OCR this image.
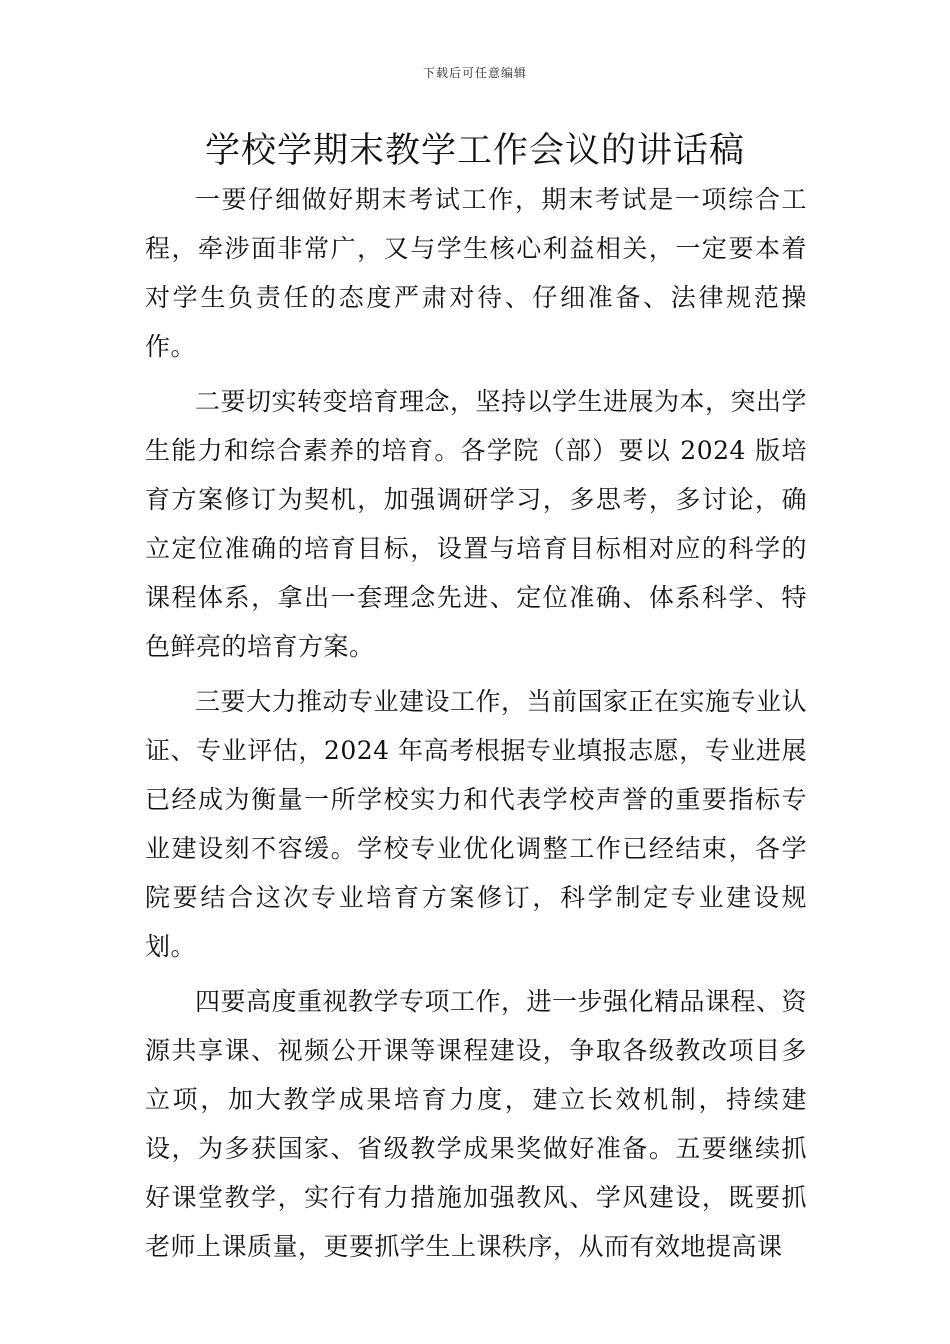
下载后可任意编辑
学校学期末教学工作会议的讲话稿

一要仔细做好期末考试工作，期末考试是一项综合工程，牵涉面非常广，又与学生核心利益相关，一定要本着对学生负责任的态度严肃对待、仔细准备、法律规范操作。

二要切实转变培育理念，坚持以学生进展为本，突出学生能力和综合素养的培育。各学院（部）要以 2024 版培育方案修订为契机，加强调研学习，多思考，多讨论，确立定位准确的培育目标，设置与培育目标相对应的科学的课程体系，拿出一套理念先进、定位准确、体系科学、特色鲜亮的培育方案。

三要大力推动专业建设工作，当前国家正在实施专业认证、专业评估，2024 年高考根据专业填报志愿，专业进展已经成为衡量一所学校实力和代表学校声誉的重要指标专业建设刻不容缓。学校专业优化调整工作已经结束，各学院要结合这次专业培育方案修订，科学制定专业建设规划。

四要高度重视教学专项工作，进一步强化精品课程、资源共享课、视频公开课等课程建设，争取各级教改项目多立项，加大教学成果培育力度，建立长效机制，持续建设，为多获国家、省级教学成果奖做好准备。五要继续抓好课堂教学，实行有力措施加强教风、学风建设，既要抓老师上课质量，更要抓学生上课秩序，从而有效地提高课
